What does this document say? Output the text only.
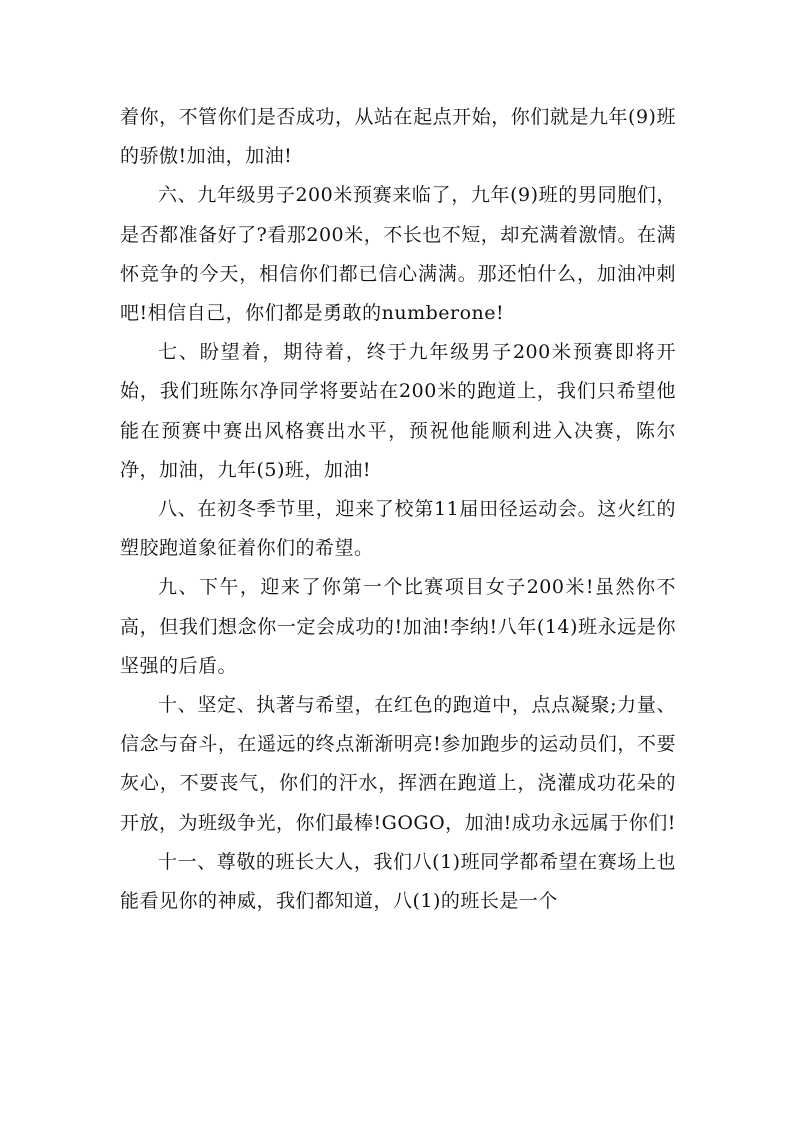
着你，不管你们是否成功，从站在起点开始，你们就是九年(9)班的骄傲!加油，加油!

六、九年级男子200米预赛来临了，九年(9)班的男同胞们，是否都准备好了?看那200米，不长也不短，却充满着激情。在满怀竞争的今天，相信你们都已信心满满。那还怕什么，加油冲刺吧!相信自己，你们都是勇敢的numberone!

七、盼望着，期待着，终于九年级男子200米预赛即将开始，我们班陈尔净同学将要站在200米的跑道上，我们只希望他能在预赛中赛出风格赛出水平，预祝他能顺利进入决赛，陈尔净，加油，九年(5)班，加油!

八、在初冬季节里，迎来了校第11届田径运动会。这火红的塑胶跑道象征着你们的希望。

九、下午，迎来了你第一个比赛项目女子200米!虽然你不高，但我们想念你一定会成功的!加油!李纳!八年(14)班永远是你坚强的后盾。

十、坚定、执著与希望，在红色的跑道中，点点凝聚;力量、信念与奋斗，在遥远的终点渐渐明亮!参加跑步的运动员们，不要灰心，不要丧气，你们的汗水，挥洒在跑道上，浇灌成功花朵的开放，为班级争光，你们最棒!GOGO，加油!成功永远属于你们!

十一、尊敬的班长大人，我们八(1)班同学都希望在赛场上也能看见你的神威，我们都知道，八(1)的班长是一个
